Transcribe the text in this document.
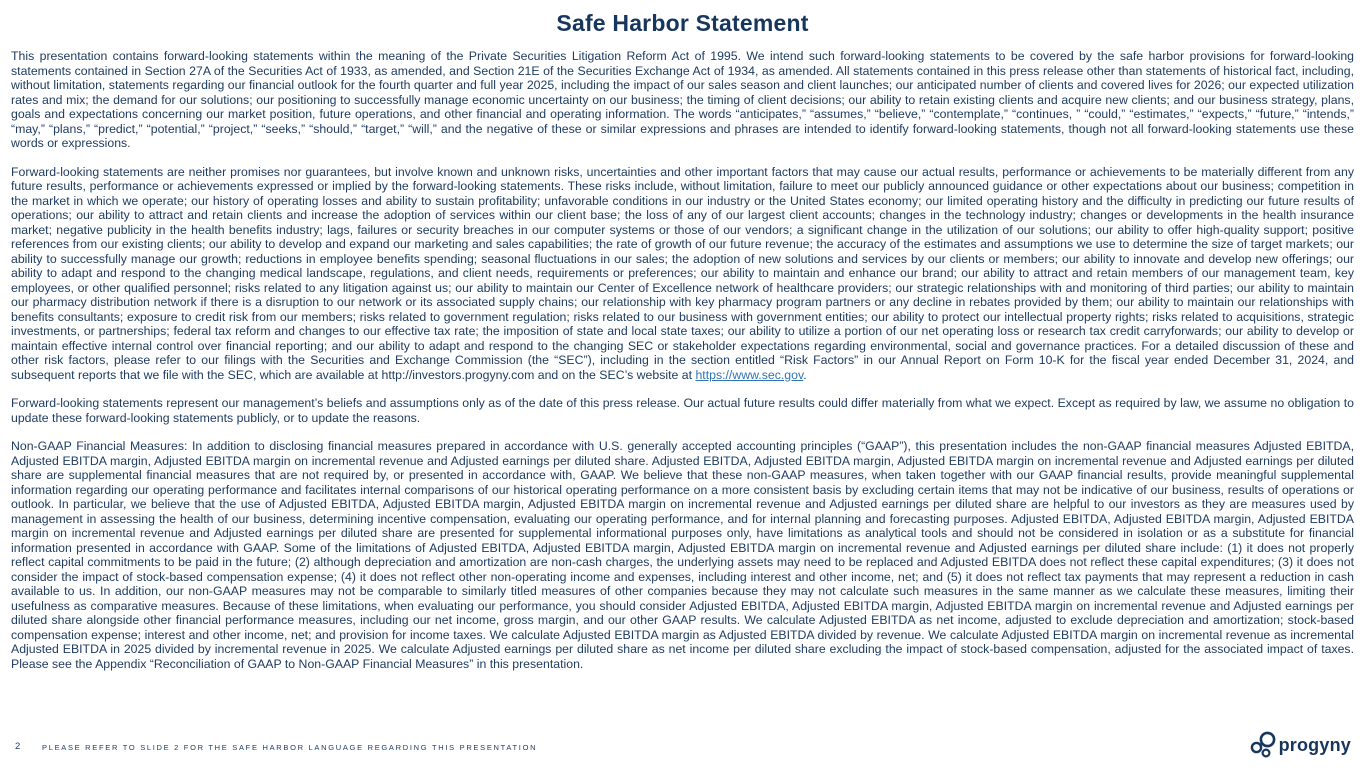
Safe Harbor Statement

This presentation contains forward-looking statements within the meaning of the Private Securities Litigation Reform Act of 1995. We intend such forward-looking statements to be covered by the safe harbor provisions for forward-looking statements contained in Section 27A of the Securities Act of 1933, as amended, and Section 21E of the Securities Exchange Act of 1934, as amended. All statements contained in this press release other than statements of historical fact, including, without limitation, statements regarding our financial outlook for the fourth quarter and full year 2025, including the impact of our sales season and client launches; our anticipated number of clients and covered lives for 2026; our expected utilization rates and mix; the demand for our solutions; our positioning to successfully manage economic uncertainty on our business; the timing of client decisions; our ability to retain existing clients and acquire new clients; and our business strategy, plans, goals and expectations concerning our market position, future operations, and other financial and operating information. The words “anticipates,” “assumes,” “believe,” “contemplate,” “continues, ” “could,” “estimates,” “expects,” “future,” “intends,” “may,” “plans,” “predict,” “potential,” “project,” “seeks,” “should,” “target,” “will,” and the negative of these or similar expressions and phrases are intended to identify forward-looking statements, though not all forward-looking statements use these words or expressions.

Forward-looking statements are neither promises nor guarantees, but involve known and unknown risks, uncertainties and other important factors that may cause our actual results, performance or achievements to be materially different from any future results, performance or achievements expressed or implied by the forward-looking statements. These risks include, without limitation, failure to meet our publicly announced guidance or other expectations about our business; competition in the market in which we operate; our history of operating losses and ability to sustain profitability; unfavorable conditions in our industry or the United States economy; our limited operating history and the difficulty in predicting our future results of operations; our ability to attract and retain clients and increase the adoption of services within our client base; the loss of any of our largest client accounts; changes in the technology industry; changes or developments in the health insurance market; negative publicity in the health benefits industry; lags, failures or security breaches in our computer systems or those of our vendors; a significant change in the utilization of our solutions; our ability to offer high-quality support; positive references from our existing clients; our ability to develop and expand our marketing and sales capabilities; the rate of growth of our future revenue; the accuracy of the estimates and assumptions we use to determine the size of target markets; our ability to successfully manage our growth; reductions in employee benefits spending; seasonal fluctuations in our sales; the adoption of new solutions and services by our clients or members; our ability to innovate and develop new offerings; our ability to adapt and respond to the changing medical landscape, regulations, and client needs, requirements or preferences; our ability to maintain and enhance our brand; our ability to attract and retain members of our management team, key employees, or other qualified personnel; risks related to any litigation against us; our ability to maintain our Center of Excellence network of healthcare providers; our strategic relationships with and monitoring of third parties; our ability to maintain our pharmacy distribution network if there is a disruption to our network or its associated supply chains; our relationship with key pharmacy program partners or any decline in rebates provided by them; our ability to maintain our relationships with benefits consultants; exposure to credit risk from our members; risks related to government regulation; risks related to our business with government entities; our ability to protect our intellectual property rights; risks related to acquisitions, strategic investments, or partnerships; federal tax reform and changes to our effective tax rate; the imposition of state and local state taxes; our ability to utilize a portion of our net operating loss or research tax credit carryforwards; our ability to develop or maintain effective internal control over financial reporting; and our ability to adapt and respond to the changing SEC or stakeholder expectations regarding environmental, social and governance practices. For a detailed discussion of these and other risk factors, please refer to our filings with the Securities and Exchange Commission (the “SEC”), including in the section entitled “Risk Factors” in our Annual Report on Form 10-K for the fiscal year ended December 31, 2024, and subsequent reports that we file with the SEC, which are available at http://investors.progyny.com and on the SEC’s website at https://www.sec.gov.

Forward-looking statements represent our management’s beliefs and assumptions only as of the date of this press release. Our actual future results could differ materially from what we expect. Except as required by law, we assume no obligation to update these forward-looking statements publicly, or to update the reasons.

Non-GAAP Financial Measures: In addition to disclosing financial measures prepared in accordance with U.S. generally accepted accounting principles (“GAAP”), this presentation includes the non-GAAP financial measures Adjusted EBITDA, Adjusted EBITDA margin, Adjusted EBITDA margin on incremental revenue and Adjusted earnings per diluted share. Adjusted EBITDA, Adjusted EBITDA margin, Adjusted EBITDA margin on incremental revenue and Adjusted earnings per diluted share are supplemental financial measures that are not required by, or presented in accordance with, GAAP. We believe that these non-GAAP measures, when taken together with our GAAP financial results, provide meaningful supplemental information regarding our operating performance and facilitates internal comparisons of our historical operating performance on a more consistent basis by excluding certain items that may not be indicative of our business, results of operations or outlook. In particular, we believe that the use of Adjusted EBITDA, Adjusted EBITDA margin, Adjusted EBITDA margin on incremental revenue and Adjusted earnings per diluted share are helpful to our investors as they are measures used by management in assessing the health of our business, determining incentive compensation, evaluating our operating performance, and for internal planning and forecasting purposes. Adjusted EBITDA, Adjusted EBITDA margin, Adjusted EBITDA margin on incremental revenue and Adjusted earnings per diluted share are presented for supplemental informational purposes only, have limitations as analytical tools and should not be considered in isolation or as a substitute for financial information presented in accordance with GAAP. Some of the limitations of Adjusted EBITDA, Adjusted EBITDA margin, Adjusted EBITDA margin on incremental revenue and Adjusted earnings per diluted share include: (1) it does not properly reflect capital commitments to be paid in the future; (2) although depreciation and amortization are non-cash charges, the underlying assets may need to be replaced and Adjusted EBITDA does not reflect these capital expenditures; (3) it does not consider the impact of stock-based compensation expense; (4) it does not reflect other non-operating income and expenses, including interest and other income, net; and (5) it does not reflect tax payments that may represent a reduction in cash available to us. In addition, our non-GAAP measures may not be comparable to similarly titled measures of other companies because they may not calculate such measures in the same manner as we calculate these measures, limiting their usefulness as comparative measures. Because of these limitations, when evaluating our performance, you should consider Adjusted EBITDA, Adjusted EBITDA margin, Adjusted EBITDA margin on incremental revenue and Adjusted earnings per diluted share alongside other financial performance measures, including our net income, gross margin, and our other GAAP results. We calculate Adjusted EBITDA as net income, adjusted to exclude depreciation and amortization; stock-based compensation expense; interest and other income, net; and provision for income taxes. We calculate Adjusted EBITDA margin as Adjusted EBITDA divided by revenue. We calculate Adjusted EBITDA margin on incremental revenue as incremental Adjusted EBITDA in 2025 divided by incremental revenue in 2025. We calculate Adjusted earnings per diluted share as net income per diluted share excluding the impact of stock-based compensation, adjusted for the associated impact of taxes. Please see the Appendix “Reconciliation of GAAP to Non-GAAP Financial Measures” in this presentation.

2	PLEASE REFER TO SLIDE 2 FOR THE SAFE HARBOR LANGUAGE REGARDING THIS PRESENTATION	progyny
